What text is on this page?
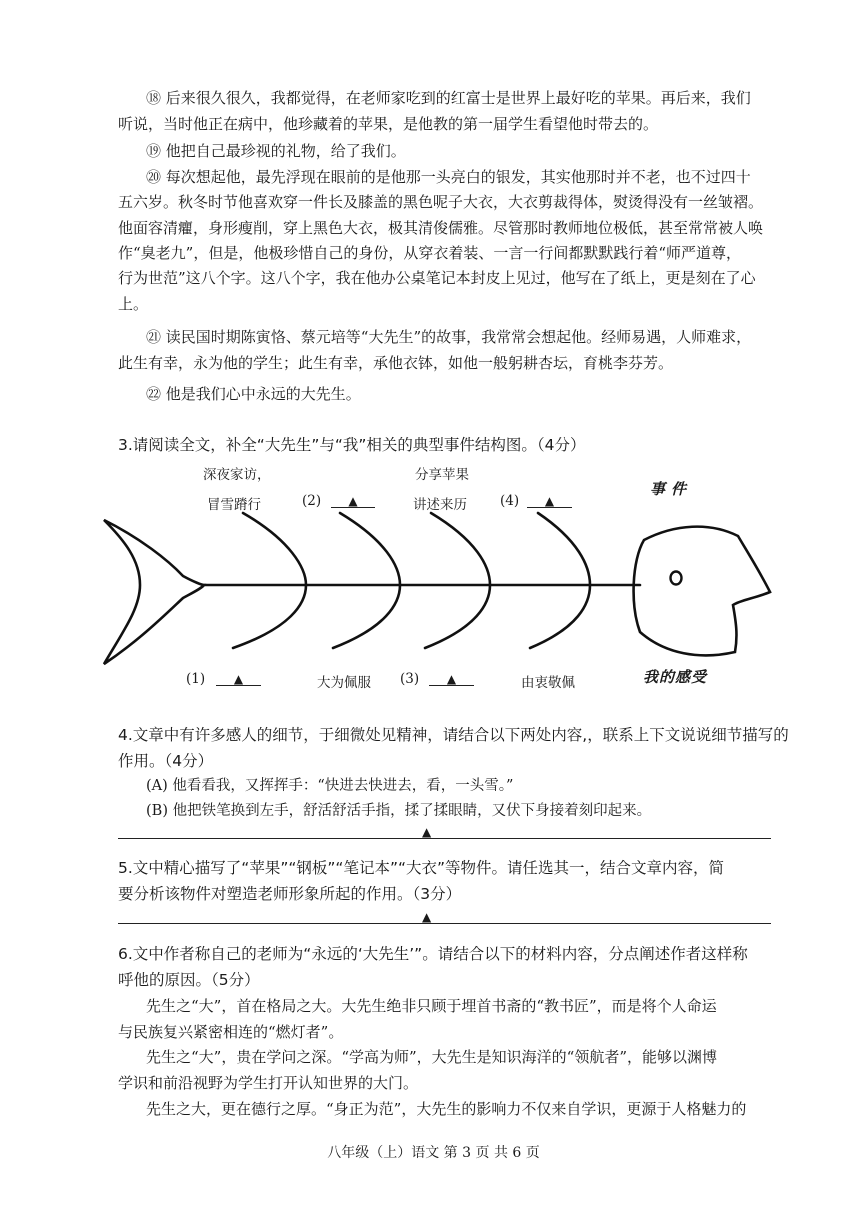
⑱ 后来很久很久，我都觉得，在老师家吃到的红富士是世界上最好吃的苹果。再后来，我们
听说，当时他正在病中，他珍藏着的苹果，是他教的第一届学生看望他时带去的。
⑲ 他把自己最珍视的礼物，给了我们。
⑳ 每次想起他，最先浮现在眼前的是他那一头亮白的银发，其实他那时并不老，也不过四十
五六岁。秋冬时节他喜欢穿一件长及膝盖的黑色呢子大衣，大衣剪裁得体，熨烫得没有一丝皱褶。
他面容清癯，身形瘦削，穿上黑色大衣，极其清俊儒雅。尽管那时教师地位极低，甚至常常被人唤
作“臭老九”，但是，他极珍惜自己的身份，从穿衣着装、一言一行间都默默践行着“师严道尊，
行为世范”这八个字。这八个字，我在他办公桌笔记本封皮上见过，他写在了纸上，更是刻在了心
上。
㉑ 读民国时期陈寅恪、蔡元培等“大先生”的故事，我常常会想起他。经师易遇，人师难求，
此生有幸，永为他的学生；此生有幸，承他衣钵，如他一般躬耕杏坛，育桃李芬芳。
㉒ 他是我们心中永远的大先生。
3.请阅读全文，补全“大先生”与“我”相关的典型事件结构图。（4分）
深夜家访，
冒雪蹐行	(2)	▲
分享苹果
讲述来历 (4)	▲
事件
(1)	▲	大为佩服 (3)	▲	由衷敬佩	我的感受
4.文章中有许多感人的细节，于细微处见精神，请结合以下两处内容,，联系上下文说说细节描写的
作用。（4分）
(A) 他看看我，又挥挥手：“快进去快进去，看，一头雪。”
(B) 他把铁笔换到左手，舒活舒活手指，揉了揉眼睛，又伏下身接着刻印起来。
▲
5.文中精心描写了“苹果”“钢板”“笔记本”“大衣”等物件。请任选其一，结合文章内容，简
要分析该物件对塑造老师形象所起的作用。（3分）
▲
6.文中作者称自己的老师为“永远的‘大先生’”。请结合以下的材料内容，分点阐述作者这样称
呼他的原因。（5分）
先生之“大”，首在格局之大。大先生绝非只顾于埋首书斋的“教书匠”，而是将个人命运
与民族复兴紧密相连的“燃灯者”。
先生之“大”，贵在学问之深。“学高为师”，大先生是知识海洋的“领航者”，能够以渊博
学识和前沿视野为学生打开认知世界的大门。
先生之大，更在德行之厚。“身正为范”，大先生的影响力不仅来自学识，更源于人格魅力的
八年级（上）语文 第 3 页 共 6 页
